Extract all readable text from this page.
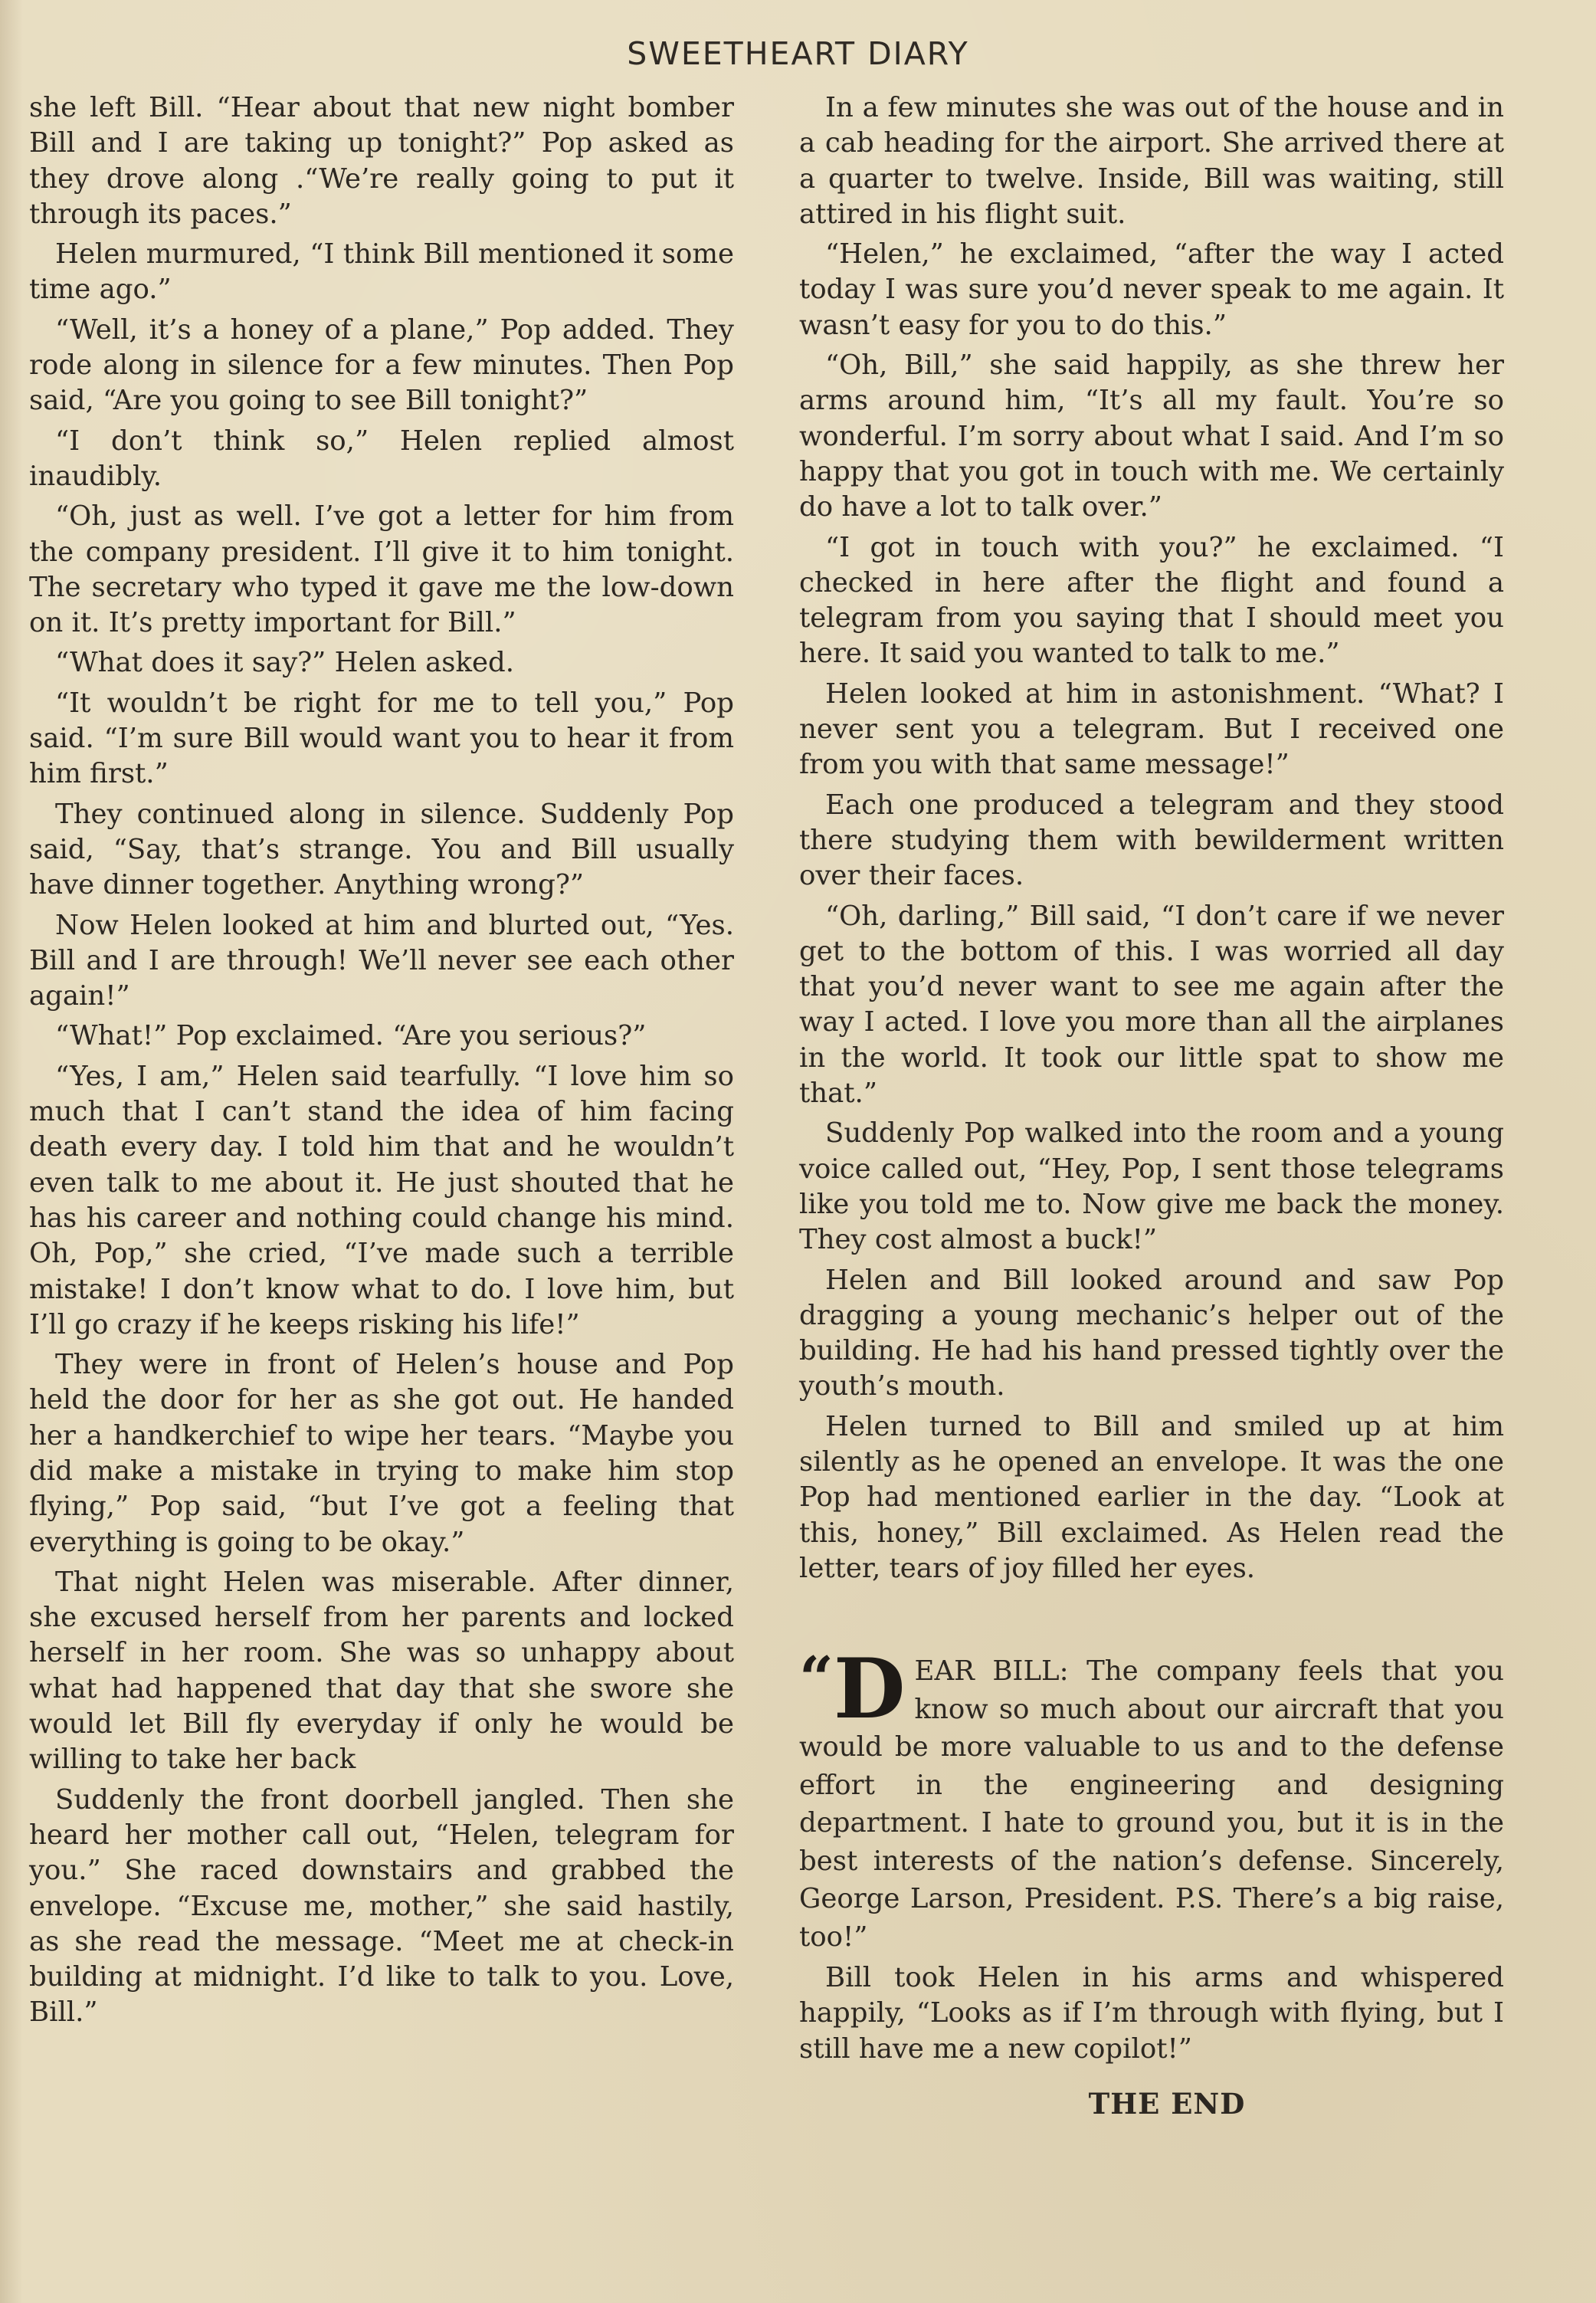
SWEETHEART DIARY

she left Bill. “Hear about that new night bomber Bill and I are taking up tonight?” Pop asked as they drove along .“We’re really going to put it through its paces.”

Helen murmured, “I think Bill mentioned it some time ago.”

“Well, it’s a honey of a plane,” Pop added. They rode along in silence for a few minutes. Then Pop said, “Are you going to see Bill tonight?”

“I don’t think so,” Helen replied almost inaudibly.

“Oh, just as well. I’ve got a letter for him from the company president. I’ll give it to him tonight. The secretary who typed it gave me the low-down on it. It’s pretty important for Bill.”

“What does it say?” Helen asked.

“It wouldn’t be right for me to tell you,” Pop said. “I’m sure Bill would want you to hear it from him first.”

They continued along in silence. Suddenly Pop said, “Say, that’s strange. You and Bill usually have dinner together. Anything wrong?”

Now Helen looked at him and blurted out, “Yes. Bill and I are through! We’ll never see each other again!”

“What!” Pop exclaimed. “Are you serious?”

“Yes, I am,” Helen said tearfully. “I love him so much that I can’t stand the idea of him facing death every day. I told him that and he wouldn’t even talk to me about it. He just shouted that he has his career and nothing could change his mind. Oh, Pop,” she cried, “I’ve made such a terrible mistake! I don’t know what to do. I love him, but I’ll go crazy if he keeps risking his life!”

They were in front of Helen’s house and Pop held the door for her as she got out. He handed her a handkerchief to wipe her tears. “Maybe you did make a mistake in trying to make him stop flying,” Pop said, “but I’ve got a feeling that everything is going to be okay.”

That night Helen was miserable. After dinner, she excused herself from her parents and locked herself in her room. She was so unhappy about what had happened that day that she swore she would let Bill fly everyday if only he would be willing to take her back

Suddenly the front doorbell jangled. Then she heard her mother call out, “Helen, telegram for you.” She raced downstairs and grabbed the envelope. “Excuse me, mother,” she said hastily, as she read the message. “Meet me at check-in building at midnight. I’d like to talk to you. Love, Bill.”

In a few minutes she was out of the house and in a cab heading for the airport. She arrived there at a quarter to twelve. Inside, Bill was waiting, still attired in his flight suit.

“Helen,” he exclaimed, “after the way I acted today I was sure you’d never speak to me again. It wasn’t easy for you to do this.”

“Oh, Bill,” she said happily, as she threw her arms around him, “It’s all my fault. You’re so wonderful. I’m sorry about what I said. And I’m so happy that you got in touch with me. We certainly do have a lot to talk over.”

“I got in touch with you?” he exclaimed. “I checked in here after the flight and found a telegram from you saying that I should meet you here. It said you wanted to talk to me.”

Helen looked at him in astonishment. “What? I never sent you a telegram. But I received one from you with that same message!”

Each one produced a telegram and they stood there studying them with bewilderment written over their faces.

“Oh, darling,” Bill said, “I don’t care if we never get to the bottom of this. I was worried all day that you’d never want to see me again after the way I acted. I love you more than all the airplanes in the world. It took our little spat to show me that.”

Suddenly Pop walked into the room and a young voice called out, “Hey, Pop, I sent those telegrams like you told me to. Now give me back the money. They cost almost a buck!”

Helen and Bill looked around and saw Pop dragging a young mechanic’s helper out of the building. He had his hand pressed tightly over the youth’s mouth.

Helen turned to Bill and smiled up at him silently as he opened an envelope. It was the one Pop had mentioned earlier in the day. “Look at this, honey,” Bill exclaimed. As Helen read the letter, tears of joy filled her eyes.

“ D EAR BILL: The company feels that you know so much about our aircraft that you would be more valuable to us and to the defense effort in the engineering and designing department. I hate to ground you, but it is in the best interests of the nation’s defense. Sincerely, George Larson, President. P.S. There’s a big raise, too!”

Bill took Helen in his arms and whispered happily, “Looks as if I’m through with flying, but I still have me a new copilot!”

THE END
